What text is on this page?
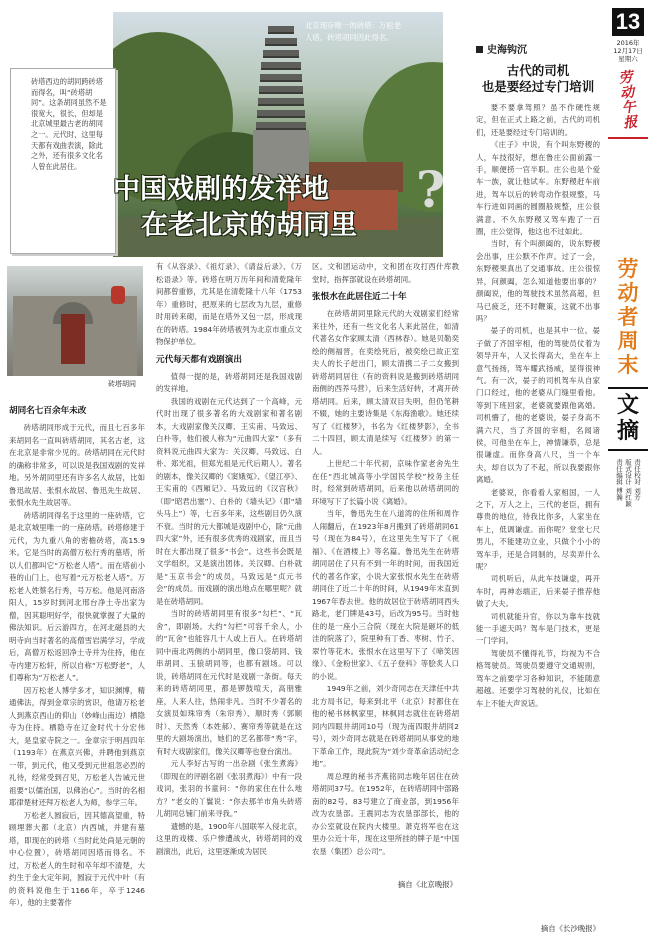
北京现存唯一的砖塔：万松老人塔。砖塔胡同因此得名。

砖塔西边的胡同跨砖塔而得名，叫“砖塔胡同”。这条胡同虽然不是很宽大，很长，但却是北京城里最古老的胡同之一。元代时，这里每天都有戏曲表演，除此之外，还有很多文化名人曾在此居住。

中国戏剧的发祥地
在老北京的胡同里
?
砖塔胡同
胡同名七百余年未改

砖塔胡同形成于元代，而且七百多年来胡同名一直叫砖塔胡同，其名古老，这在北京是非常少见的。砖塔胡同在元代时的确称非常多，可以说是我国戏剧的发祥地。另外胡同里还有许多名人故居，比如鲁迅故居、张恨水故居、鲁迅先生故居、张恨水先生故居等。

砖塔胡同得名于这里的一座砖塔，它是北京城里唯一的一座砖塔。砖塔修建于元代，为九重八角的密檐砖塔，高15.9米。它是当时的高僧万松行秀的墓塔，所以人们都叫它“万松老人塔”。而在塔前小巷的山门上，也写着“元万松老人塔”。万松老人姓蔡名行秀，号万松。他是河南洛阳人，15岁时到河北邢台净土寺出家为僧，因其聪明好学，很快就掌握了大量的佛法知识。后云游四方，在河北磁县的大明寺向当时著名的高僧雪岩满学习，学成后，高僧万松返回净土寺并为住持，他在寺内建万松轩，所以自称“万松野老”，人们尊称为“万松老人”。

因万松老人博学多才，知识渊博，精通佛法，得到金章宗的赏识，他请万松老人到燕京西山的仰山（妙峰山南边）栖隐寺为住持。栖隐寺在辽金时代十分宏伟大，是皇家寺院之一。金章宗于明昌四年（1193年）在燕京兴佛，并聘他到燕京一带，到元代，他又受到元世祖忽必烈的礼待，经常受到召见，万松老人告诫元世祖要“以儒治国，以佛治心”。当时的名相耶律楚材还拜万松老人为师，参学三年。

万松老人圆寂后，因其德高望重，特顾埋葬大都（北京）内西城，并建有墓塔，即现在的砖塔（当时此处尚是元朝的中心位置），砖塔胡同因塔而得名。不过，万松老人的生时和卒年却不清楚，大约生于金大定年间，圆寂于元代中叶（有的资料说他生于1166年，卒于1246年），他的主要著作

有《从容录》、《祖灯录》、《请益后录》、《万松语录》等。砖塔在明万历年间和清乾隆年间都曾重修，尤其是在清乾隆十八年（1753年）重修时，把原来的七层改为九层，重修时用砖来砌，而是在塔外又包一层，形成现在的砖塔。1984年砖塔被列为北京市重点文物保护单位。

元代每天都有戏剧演出

值得一提的是，砖塔胡同还是我国戏剧的发祥地。

我国的戏剧在元代达到了一个高峰，元代时出现了很多著名的大戏剧家和著名剧本，大戏剧家像关汉卿、王实甫、马致远、白朴等，他们被人称为“元曲四大家”（多有资料说元曲四大家为：关汉卿、马致远、白朴、郑光祖，但郑光祖是元代后期人）。著名的剧本，像关汉卿的《窦娥冤》、《望江亭》、王实甫的《西厢记》、马致远的《汉宫秋》（即“昭君出塞”）、白朴的《墙头记》（即“墙头马上”）等，七百多年来，这些剧目仍久演不衰。当时的元大都城是戏剧中心，除“元曲四大家”外，还有很多优秀的戏剧家，而且当时在大都出现了很多“书会”。这些书会既是文学组织，又是演出团体。关汉卿、白朴就是“玉京书会”的成员，马致远是“贞元书会”的成员。而戏剧的演出地点在哪里呢？就是在砖塔胡同。

当时的砖塔胡同里有很多“勾栏”、“瓦舍”，即剧场。大约“勾栏”可容千余人，小的“瓦舍”也能容几十人或上百人。在砖塔胡同中南北两侧的小胡同里，像口袋胡同、钱串胡同、玉狼胡同等，也都有剧场。可以说，砖塔胡同在元代时是戏剧一条街。每天来的砖塔胡同里，都是锣鼓喧天，高朋雅座，人来人往，热闹非凡。当时不少著名的女演员如珠帘秀（朱帘秀）、顺时秀（郭顺时）、天然秀（本姓郝）、赛帘秀等就是在这里的大剧场演出，她们的艺名都带“秀”字，有时大戏剧家们，像关汉卿等也登台演出。

元人李好古写的一出杂剧《张生煮海》（即现在的评剧名剧《张羽煮海》）中有一段戏词，张羽的书童问：“你的家住在什么地方？”老女的丫鬟说：“你去那羊市角头砖塔儿胡同总铺门前来寻我。”

遗憾的是，1900年八国联军入侵北京，这里的戏楼、乐户惨遭战火，砖塔胡同的戏剧演出，此后，这里逐渐成为居民

区。文和团运动中，文和团在攻打西什库教堂时，指挥部就设在砖塔胡同。

张恨水在此居住近二十年

在砖塔胡同里除元代的大戏剧家们经常来往外，还有一些文化名人来此居住，如清代著名女作家顾太清（西林春）。她是贝勒奕绘的侧福晋，在奕绘死后，被奕绘已故正室夫人的长子赶出门，顾太清携二子二女搬到砖塔胡同居住（有的资料说是搬到砖塔胡同南侧的西养马营），后来生活好转，才离开砖塔胡同。后来，顾太清双目失明，但仍笔耕不辍，她的主要诗集是《东海渔歌》。她还续写了《红楼梦》，书名为《红楼梦影》，全书二十四回，顾太清是续写《红楼梦》的第一人。

上世纪二十年代初，京味作家老舍先生在任“西北城高等小学国民学校”校务主任时，经常到砖塔胡同，后来他以砖塔胡同的环境写下了长篇小说《离婚》。

当年，鲁迅先生在八道湾的住所和周作人闹翻后，在1923年8月搬到了砖塔胡同61号（现在为84号），在这里先生写下了《祝福》、《在酒楼上》等名篇。鲁迅先生在砖塔胡同居住了只有不到一年的时间，而我国近代的著名作家，小说大家张恨水先生在砖塔胡同住了近二十年的时间，从1949年末直到1967年春去世。他的故居位于砖塔胡同西头路北，老门牌是43号，后改为95号。当时他住的是一座小三合院（现在大院是砸坏的低洼的院落了），院里种有丁香、枣树、竹子、翠竹等花木。张恨水在这里写下了《啼笑因缘》、《金粉世家》、《五子登科》等脍炙人口的小说。

1949年之前，刘少奇同志在天津任中共北方局书记，每来到北平（北京）时都住在他的秘书林枫家里，林枫同志就住在砖塔胡同内四眼井胡同10号（现为南四眼井胡同2号），刘少奇同志就是在砖塔胡同从事党的地下革命工作，现此院为“刘少奇革命活动纪念地”。

周总理的秘书齐燕铭同志晚年居住在砖塔胡同37号。在1952年，在砖塔胡同中部路南的82号、83号建立了商业部，到1956年改为农垦部。王震同志为农垦部部长，他的办公室就设在院内大楼里。萧克将军也在这里办公近十年，现在这里所挂的牌子是“中国农垦（集团）总公司”。

摘自《北京晚报》
史海钩沉
古代的司机
也是要经过专门培训

要不要拿驾照？虽不作硬性规定，但在正式上路之前，古代的司机们，还是要经过专门培训的。

《庄子》中说，有个叫东野稷的人，车技很好，想在鲁庄公面前露一手，顺便捞一官半职。庄公也是个爱车一族，就让他试车。东野稷赶车前进，驾车以后的转弯动作很规整，马车行进如同画的圆圈般规整，庄公很满意。不久东野稷又驾车跑了一百圈，庄公觉得，他这也不过如此。

当时，有个叫颜阖的，说东野稷会出事，庄公默不作声。过了一会，东野稷果真出了交通事故。庄公很惊异，问颜阖，怎么知道他要出事的？颜阖说，他的驾驶技术虽然高超，但马已疲乏，还不时鞭策，这就不出事吗？

晏子的司机，也是其中一位。晏子做了齐国宰相，他的驾驶员仗着为领导开车，人又长得高大，坐在车上意气扬扬，驾车耀武扬威，显得很神气。有一次，晏子的司机驾车从自家门口经过，他的老婆从门缝里看他。等到下班回家，老婆就要跟他离婚。司机懵了，他的老婆说，晏子身高不满六尺，当了齐国的宰相，名闻诸侯，可他坐在车上，神情谦恭，总是很谦虚。而你身高八尺，当一个车夫，却自以为了不起，所以我要跟你离婚。

老婆说，你看看人家相国，一人之下，万人之上，三代的老臣，拥有尊贵的地位，待我比你多，人家坐在车上，低调谦虚。而你呢？堂堂七尺男儿，不能建功立业，只做个小小的驾车手，还是合同制的，尽卖弄什么呢？

司机听后，从此车技谦虚，再开车时，再神态端正，后来晏子推荐他做了大夫。

司机就能升官，你以为靠车技就能一手遮天吗？驾车是门技术，更是一门学问。

驾驶员不懂得礼节，均视为不合格驾驶员。驾驶员要遵守交通规则，驾车之前要学习各种知识，不能随意超越。还要学习驾驶的礼仪，比如在车上不能大声说话。

摘自《长沙晚报》
13
2016年
12月17日
星期六
劳动午报
劳动者周末
文摘
责任编辑 傅瀚 版式设计 刘红颖 责任校对 刘芳
